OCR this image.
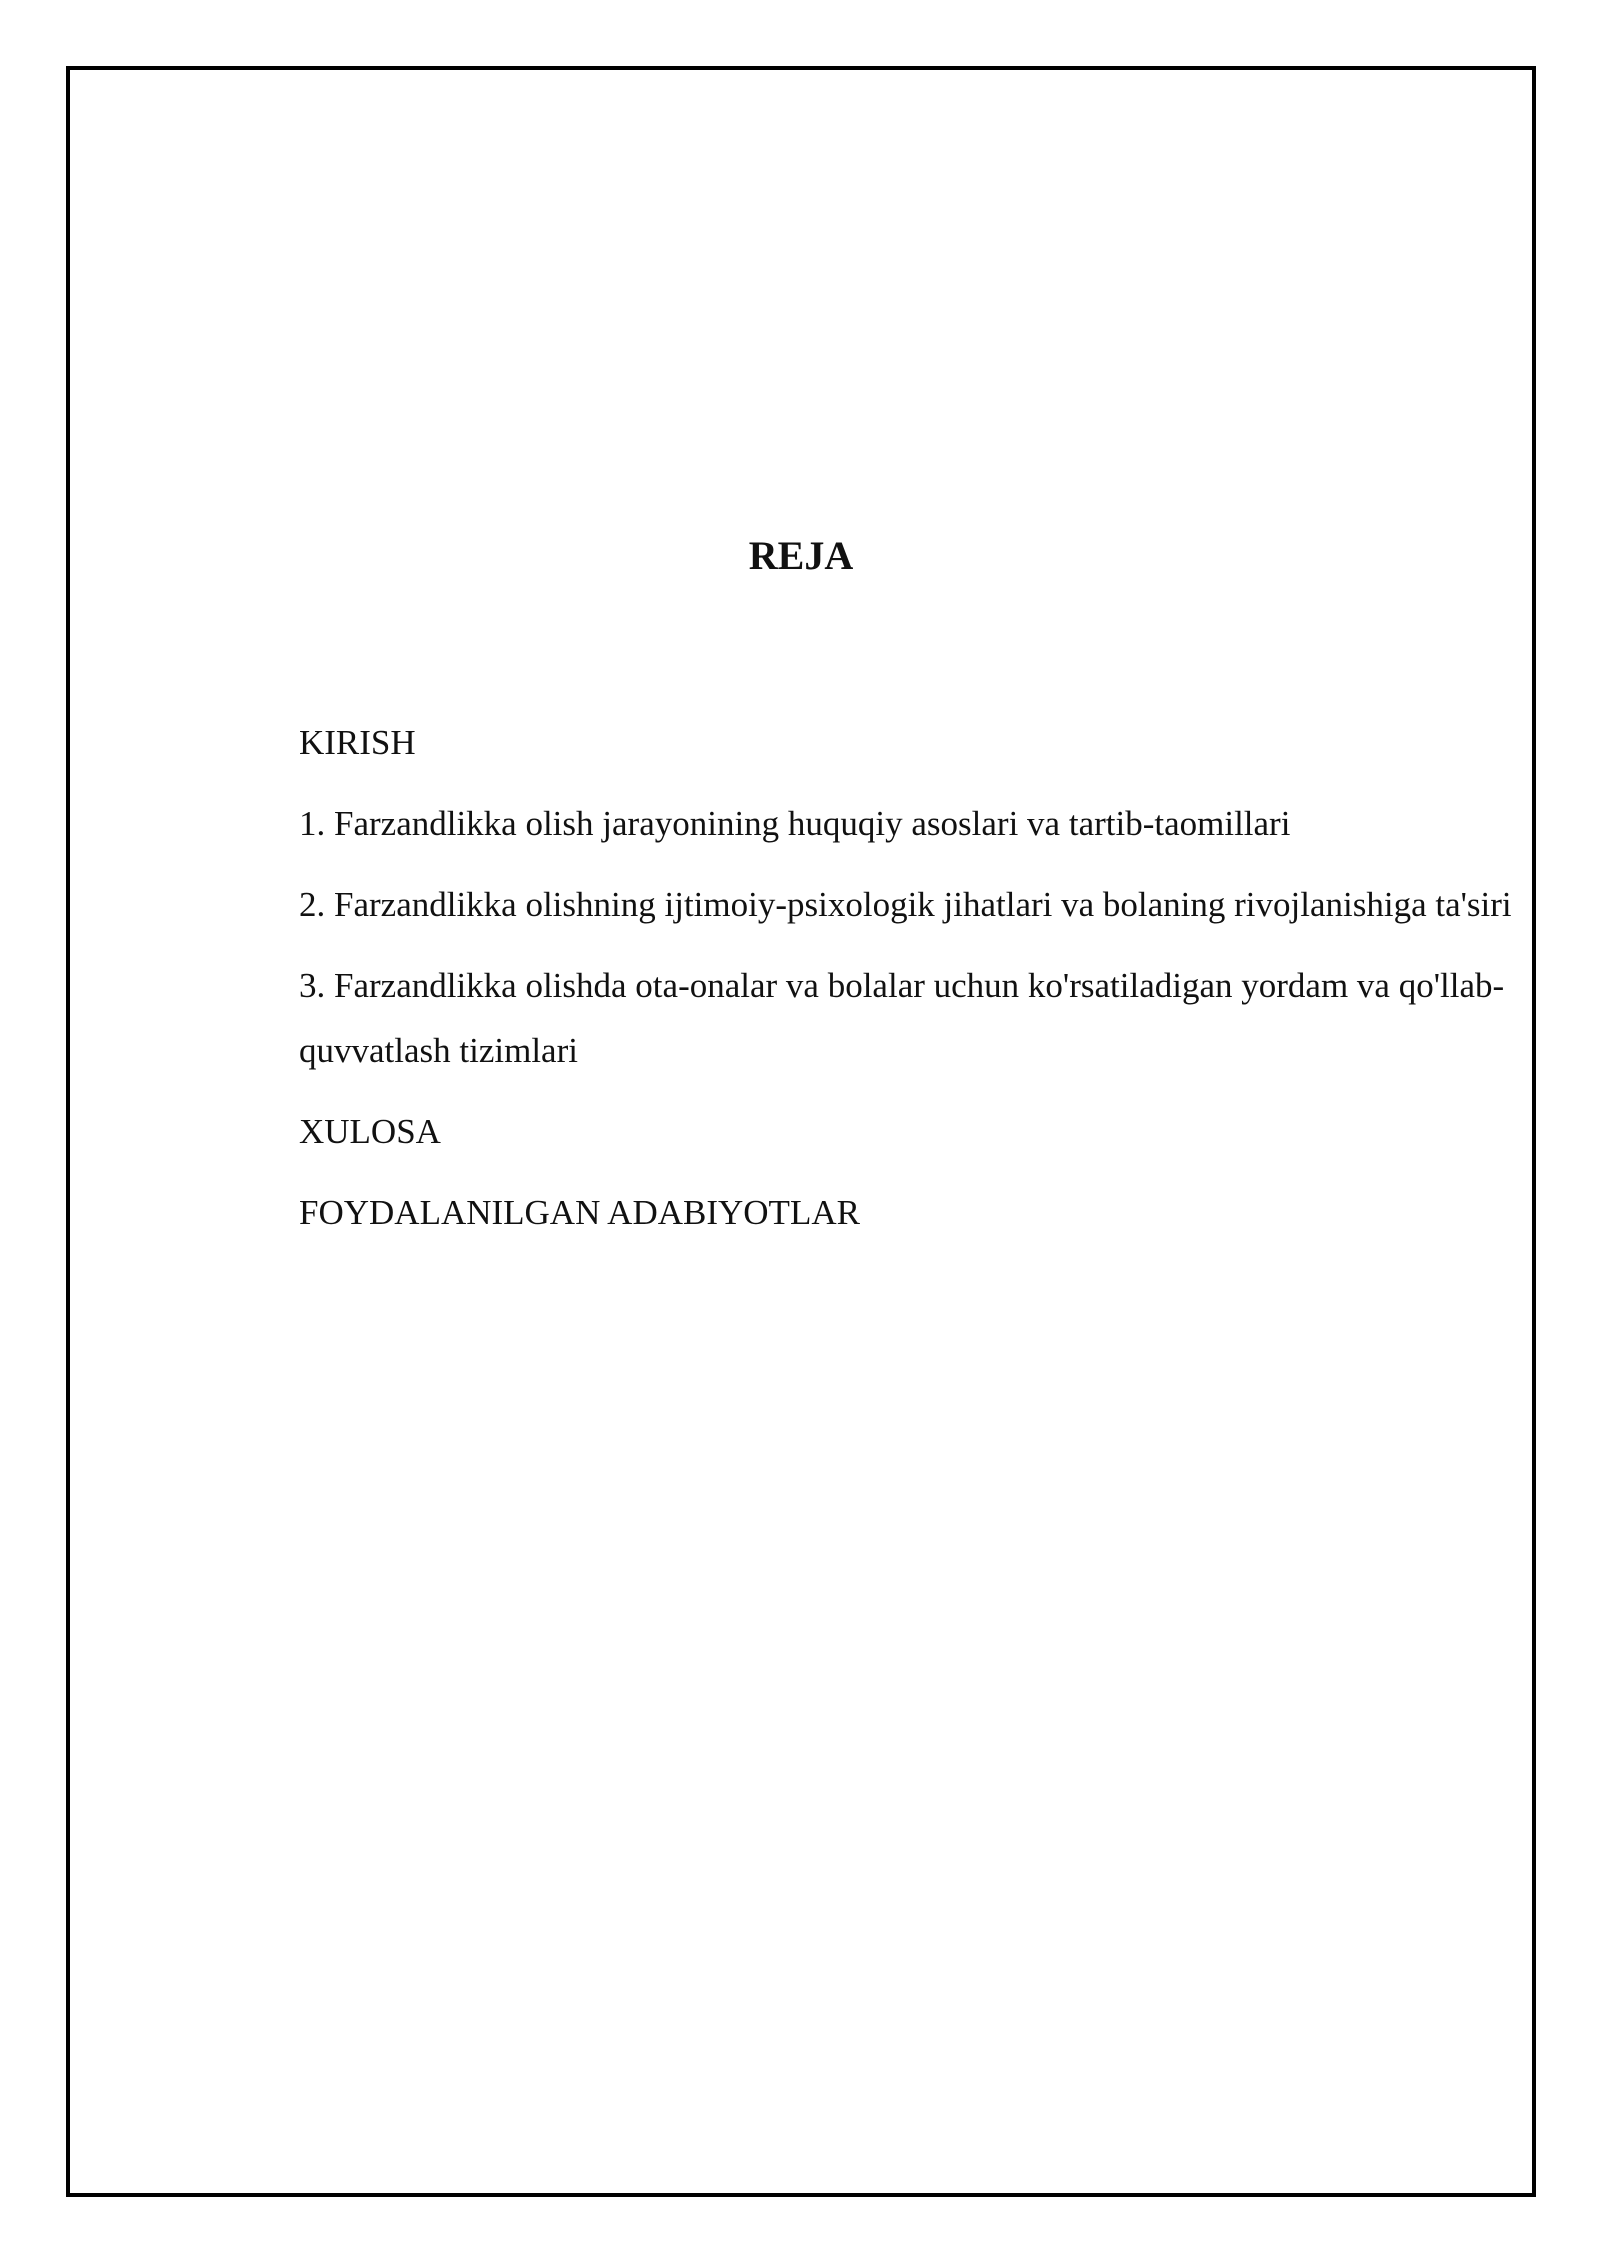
REJA

KIRISH

1. Farzandlikka olish jarayonining huquqiy asoslari va tartib-taomillari

2. Farzandlikka olishning ijtimoiy-psixologik jihatlari va bolaning rivojlanishiga ta'siri

3. Farzandlikka olishda ota-onalar va bolalar uchun ko'rsatiladigan yordam va qo'llab-quvvatlash tizimlari

XULOSA

FOYDALANILGAN ADABIYOTLAR
